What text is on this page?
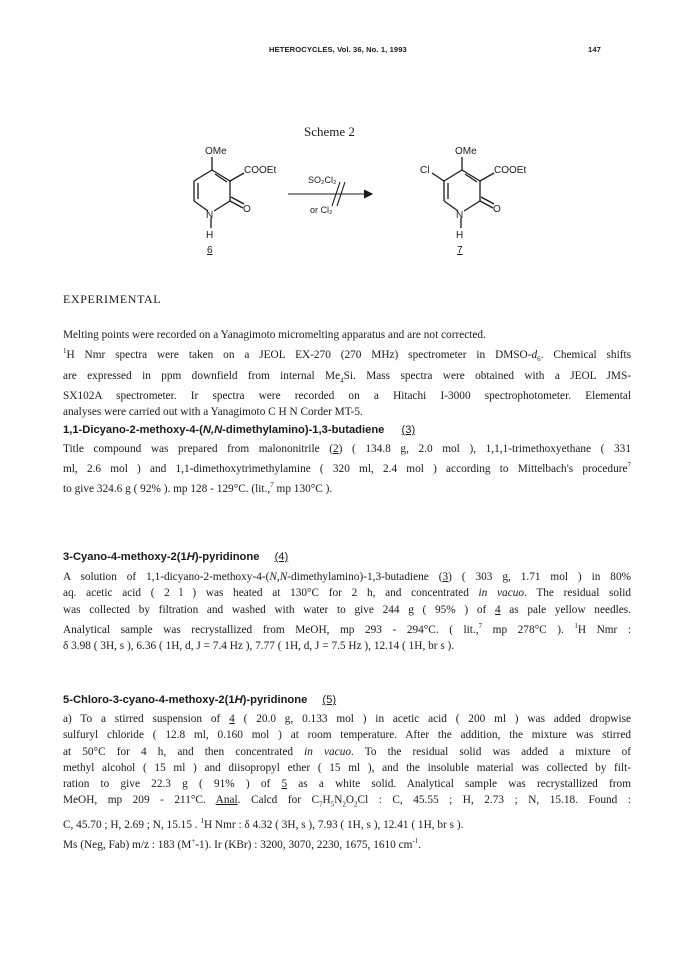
HETEROCYCLES, Vol. 36, No. 1, 1993	147
Scheme 2
OMe
COOEt
N
O
H
6
SO₂Cl₂
or Cl₂
OMe
COOEt
Cl
N
O
H
7
EXPERIMENTAL
Melting points were recorded on a Yanagimoto micromelting apparatus and are not corrected.
$^1$H Nmr spectra were taken on a JEOL EX-270 (270 MHz) spectrometer in DMSO-$d_6$. Chemical shifts
are expressed in ppm downfield from internal $Me_4Si$. Mass spectra were obtained with a JEOL JMS-
SX102A spectrometer. Ir spectra were recorded on a Hitachi I-3000 spectrophotometer. Elemental
analyses were carried out with a Yanagimoto C H N Corder MT-5.
1,1-Dicyano-2-methoxy-4-(N,N-dimethylamino)-1,3-butadiene (3)
Title compound was prepared from malononitrile (2) ( 134.8 g, 2.0 mol ), 1,1,1-trimethoxyethane ( 331
ml, 2.6 mol ) and 1,1-dimethoxytrimethylamine ( 320 ml, 2.4 mol ) according to Mittelbach's procedure$^7$
to give 324.6 g ( 92% ). mp 128 - 129°C. (lit.,$^7$ mp 130°C ).
3-Cyano-4-methoxy-2(1H)-pyridinone (4)
A solution of 1,1-dicyano-2-methoxy-4-(N,N-dimethylamino)-1,3-butadiene (3) ( 303 g, 1.71 mol ) in 80%
aq. acetic acid ( 2 l ) was heated at 130°C for 2 h, and concentrated in vacuo. The residual solid
was collected by filtration and washed with water to give 244 g ( 95% ) of 4 as pale yellow needles.
Analytical sample was recrystallized from MeOH, mp 293 - 294°C. ( lit.,$^7$ mp 278°C ). $^1$H Nmr :
δ 3.98 ( 3H, s ), 6.36 ( 1H, d, J = 7.4 Hz ), 7.77 ( 1H, d, J = 7.5 Hz ), 12.14 ( 1H, br s ).
5-Chloro-3-cyano-4-methoxy-2(1H)-pyridinone (5)
a) To a stirred suspension of 4 ( 20.0 g, 0.133 mol ) in acetic acid ( 200 ml ) was added dropwise
sulfuryl chloride ( 12.8 ml, 0.160 mol ) at room temperature. After the addition, the mixture was stirred
at 50°C for 4 h, and then concentrated in vacuo. To the residual solid was added a mixture of
methyl alcohol ( 15 ml ) and diisopropyl ether ( 15 ml ), and the insoluble material was collected by filt-
ration to give 22.3 g ( 91% ) of 5 as a white solid. Analytical sample was recrystallized from
MeOH, mp 209 - 211°C. Anal. Calcd for $C_7H_5N_2O_2Cl$ : C, 45.55 ; H, 2.73 ; N, 15.18. Found :
C, 45.70 ; H, 2.69 ; N, 15.15 . $^1$H Nmr : δ 4.32 ( 3H, s ), 7.93 ( 1H, s ), 12.41 ( 1H, br s ).
Ms (Neg, Fab) m/z : 183 (M+-1). Ir (KBr) : 3200, 3070, 2230, 1675, 1610 $cm^{-1}$.
